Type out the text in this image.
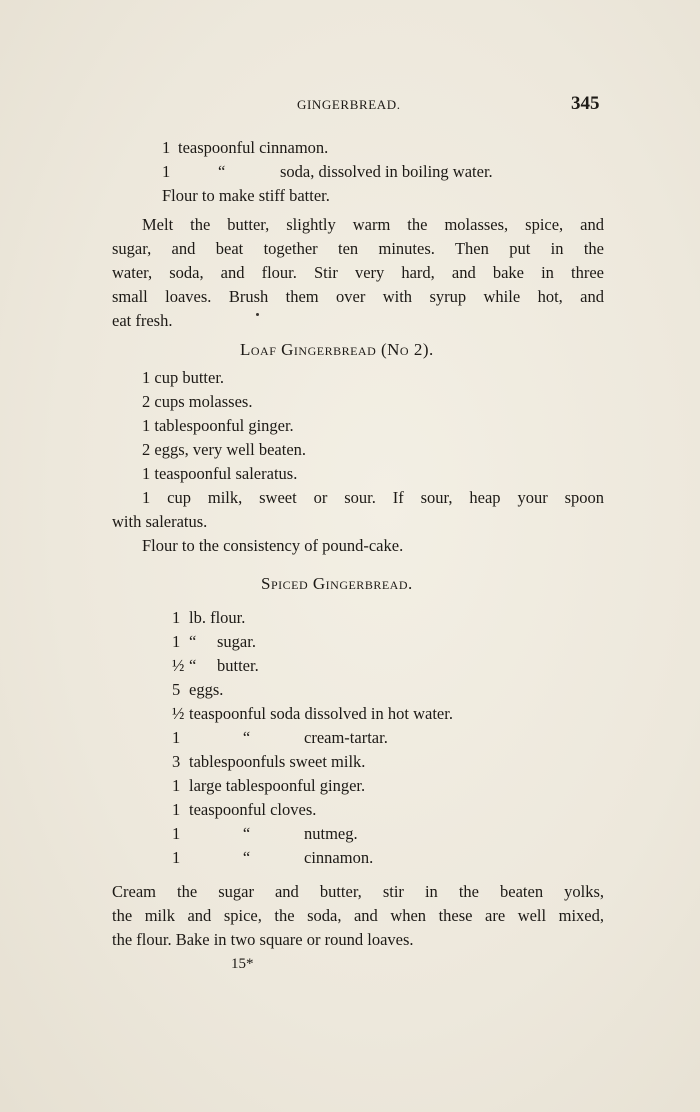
GINGERBREAD.	345
1 teaspoonful cinnamon.
1	“	soda, dissolved in boiling water.
Flour to make stiff batter.
Melt the butter, slightly warm the molasses, spice, and
sugar, and beat together ten minutes. Then put in the
water, soda, and flour. Stir very hard, and bake in three
small loaves. Brush them over with syrup while hot, and
eat fresh.
Loaf Gingerbread (No 2).
1 cup butter.
2 cups molasses.
1 tablespoonful ginger.
2 eggs, very well beaten.
1 teaspoonful saleratus.
1 cup milk, sweet or sour. If sour, heap your spoon
with saleratus.
Flour to the consistency of pound-cake.
Spiced Gingerbread.
1 lb. flour.
1 “ sugar.
½ “ butter.
5 eggs.
½ teaspoonful soda dissolved in hot water.
1	“	cream-tartar.
3 tablespoonfuls sweet milk.
1 large tablespoonful ginger.
1 teaspoonful cloves.
1	“	nutmeg.
1	“	cinnamon.
Cream the sugar and butter, stir in the beaten yolks,
the milk and spice, the soda, and when these are well mixed,
the flour. Bake in two square or round loaves.
15*
